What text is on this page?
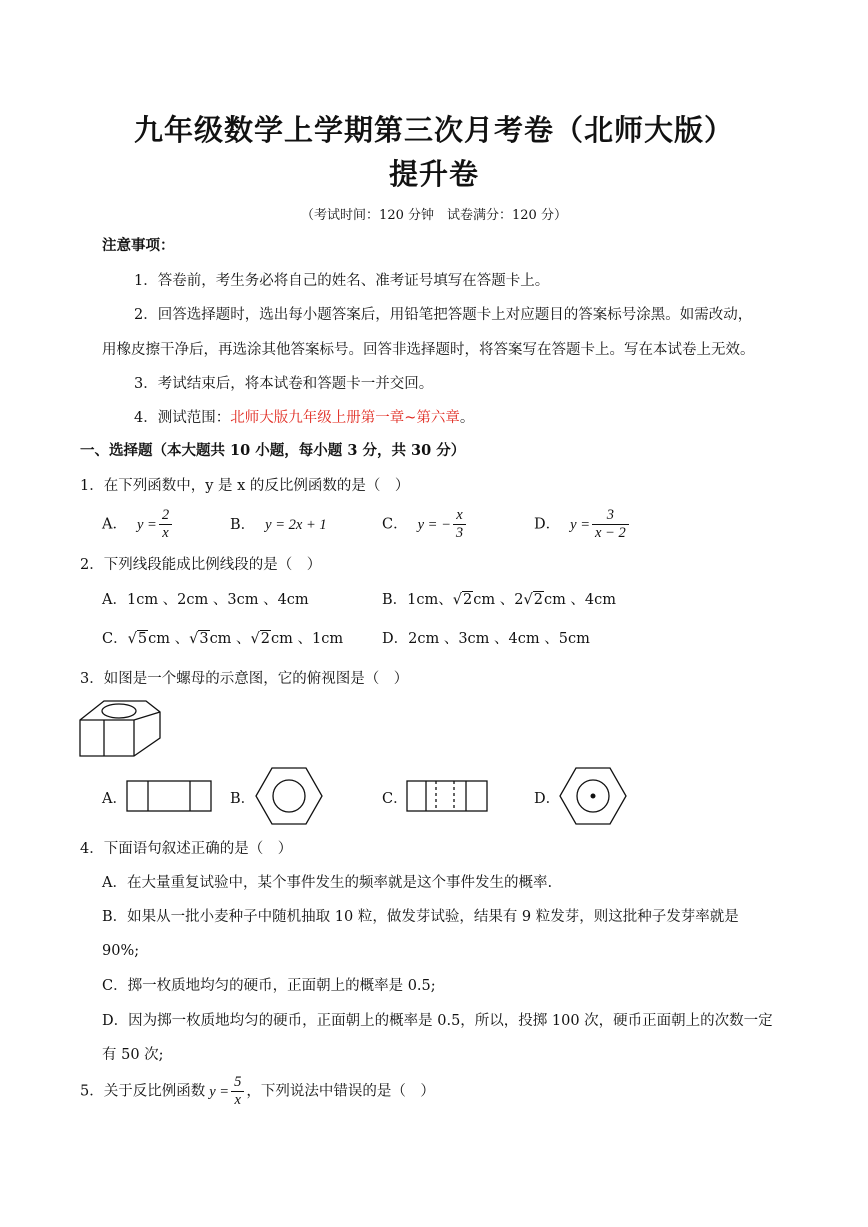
九年级数学上学期第三次月考卷（北师大版）
提升卷
（考试时间：120 分钟　试卷满分：120 分）
注意事项：
1．答卷前，考生务必将自己的姓名、准考证号填写在答题卡上。
2．回答选择题时，选出每小题答案后，用铅笔把答题卡上对应题目的答案标号涂黑。如需改动，
用橡皮擦干净后，再选涂其他答案标号。回答非选择题时，将答案写在答题卡上。写在本试卷上无效。
3．考试结束后，将本试卷和答题卡一并交回。
4．测试范围：北师大版九年级上册第一章~第六章。
一、选择题（本大题共 10 小题，每小题 3 分，共 30 分）
1．在下列函数中，y 是 x 的反比例函数的是（　）
A． $y = \frac{2}{x}$	B． y = 2x + 1	C． y = − $\frac{x}{3}$	D． $y = \frac{3}{x - 2}$
2．下列线段能成比例线段的是（　）
A．1cm 、2cm 、3cm 、4cm	B．1cm、√2cm 、2√2cm 、4cm
C．√5cm 、√3cm 、√2cm 、1cm	D．2cm 、3cm 、4cm 、5cm
3．如图是一个螺母的示意图，它的俯视图是（　）
A．	B．	C．	D．
4．下面语句叙述正确的是（　）
A．在大量重复试验中，某个事件发生的频率就是这个事件发生的概率.
B．如果从一批小麦种子中随机抽取 10 粒，做发芽试验，结果有 9 粒发芽，则这批种子发芽率就是
90%;
C．掷一枚质地均匀的硬币，正面朝上的概率是 0.5;
D．因为掷一枚质地均匀的硬币，正面朝上的概率是 0.5，所以，投掷 100 次，硬币正面朝上的次数一定
有 50 次;
5．关于反比例函数 $y = \frac{5}{x}$ ，下列说法中错误的是（　）
